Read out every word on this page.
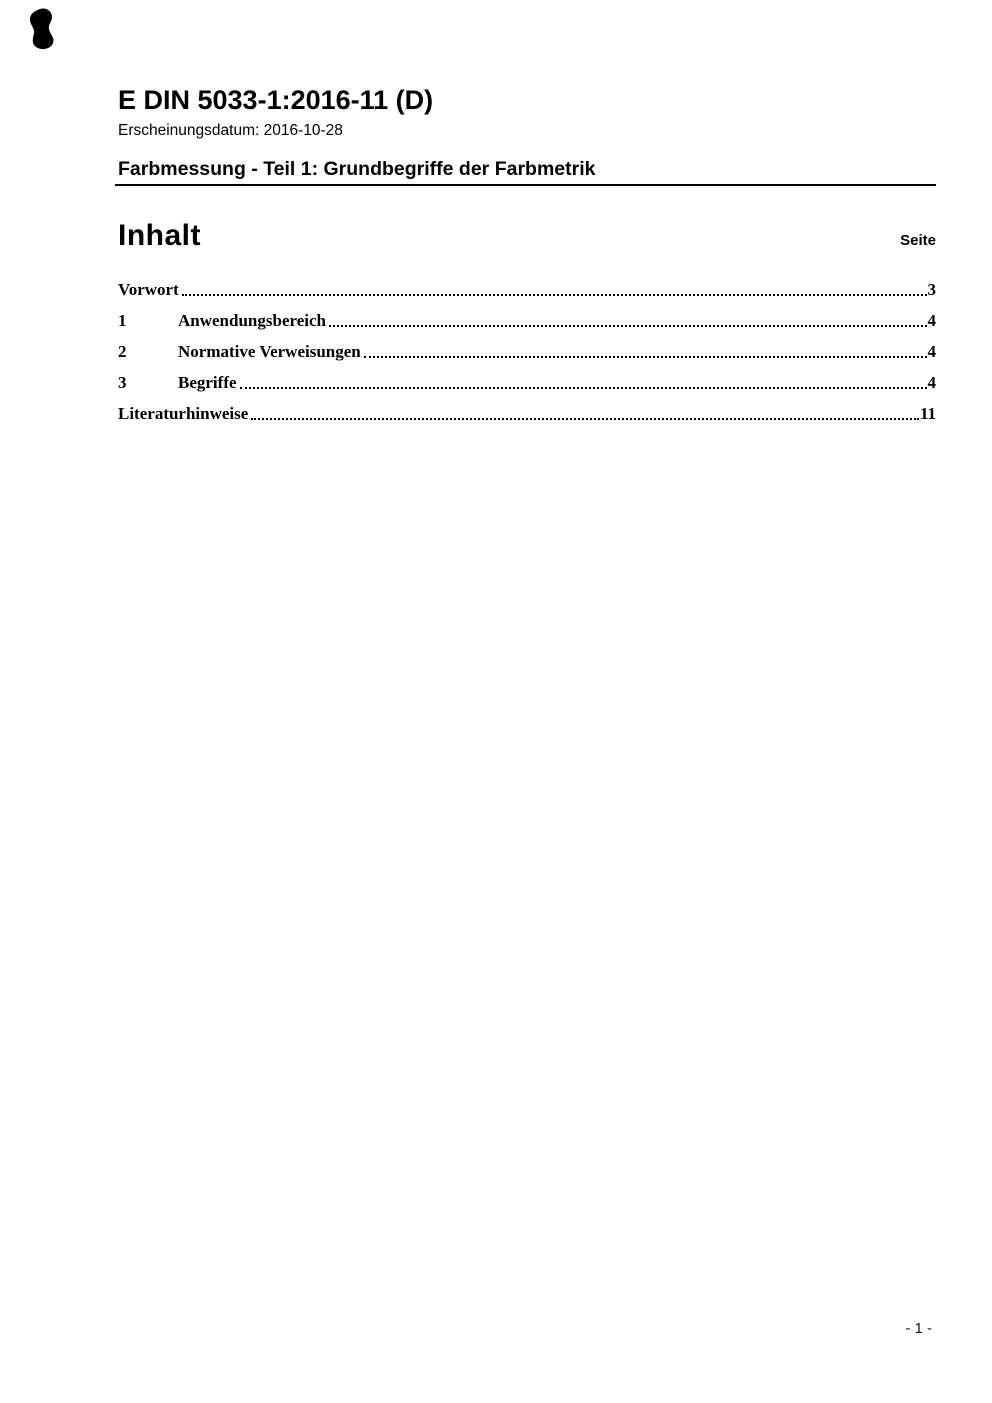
E DIN 5033-1:2016-11 (D)

Erscheinungsdatum: 2016-10-28

Farbmessung - Teil 1: Grundbegriffe der Farbmetrik
Inhalt	Seite
Vorwort	3
1	Anwendungsbereich	4
2	Normative Verweisungen	4
3	Begriffe	4
Literaturhinweise	11
- 1 -
